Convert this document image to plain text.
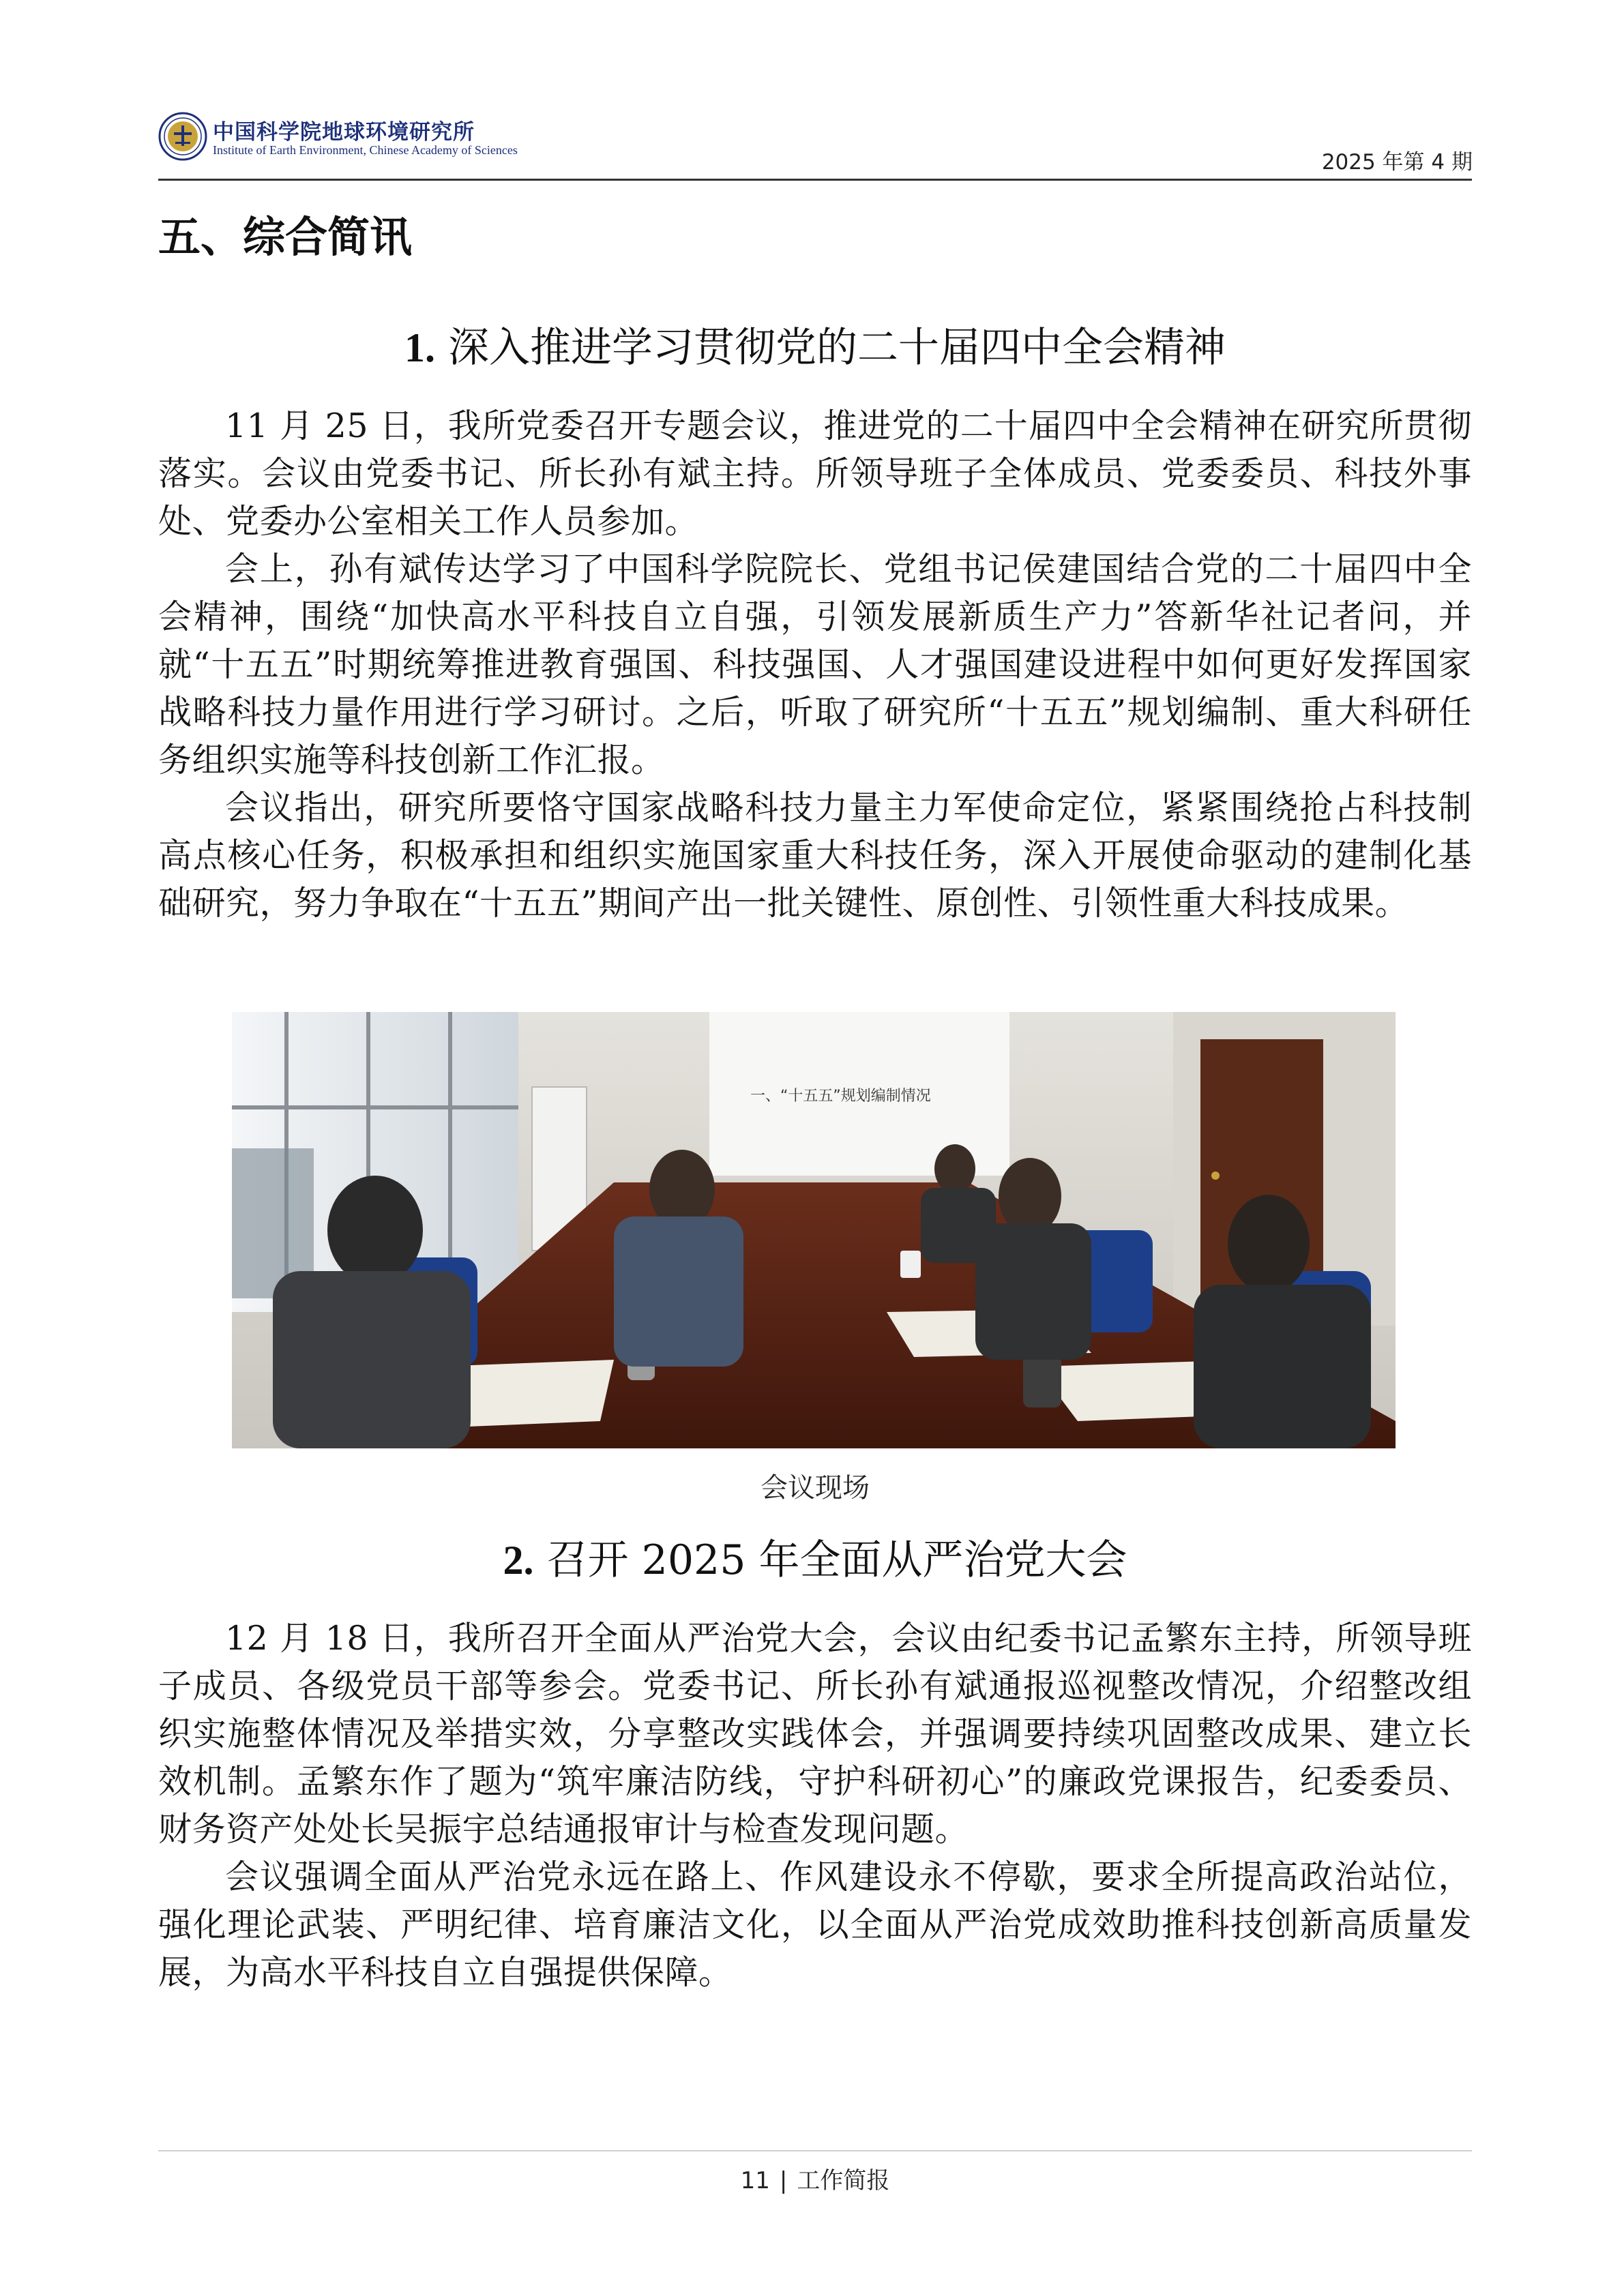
中国科学院地球环境研究所
Institute of Earth Environment, Chinese Academy of Sciences	2025 年第 4 期
五、综合简讯
1. 深入推进学习贯彻党的二十届四中全会精神

11 月 25 日，我所党委召开专题会议，推进党的二十届四中全会精神在研究所贯彻落实。会议由党委书记、所长孙有斌主持。所领导班子全体成员、党委委员、科技外事处、党委办公室相关工作人员参加。

会上，孙有斌传达学习了中国科学院院长、党组书记侯建国结合党的二十届四中全会精神，围绕“加快高水平科技自立自强，引领发展新质生产力”答新华社记者问，并就“十五五”时期统筹推进教育强国、科技强国、人才强国建设进程中如何更好发挥国家战略科技力量作用进行学习研讨。之后，听取了研究所“十五五”规划编制、重大科研任务组织实施等科技创新工作汇报。

会议指出，研究所要恪守国家战略科技力量主力军使命定位，紧紧围绕抢占科技制高点核心任务，积极承担和组织实施国家重大科技任务，深入开展使命驱动的建制化基础研究，努力争取在“十五五”期间产出一批关键性、原创性、引领性重大科技成果。

一、“十五五”规划编制情况
会议现场
2. 召开 2025 年全面从严治党大会

12 月 18 日，我所召开全面从严治党大会，会议由纪委书记孟繁东主持，所领导班子成员、各级党员干部等参会。党委书记、所长孙有斌通报巡视整改情况，介绍整改组织实施整体情况及举措实效，分享整改实践体会，并强调要持续巩固整改成果、建立长效机制。孟繁东作了题为“筑牢廉洁防线，守护科研初心”的廉政党课报告，纪委委员、财务资产处处长吴振宇总结通报审计与检查发现问题。

会议强调全面从严治党永远在路上、作风建设永不停歇，要求全所提高政治站位，强化理论武装、严明纪律、培育廉洁文化，以全面从严治党成效助推科技创新高质量发展，为高水平科技自立自强提供保障。

11 | 工作简报
